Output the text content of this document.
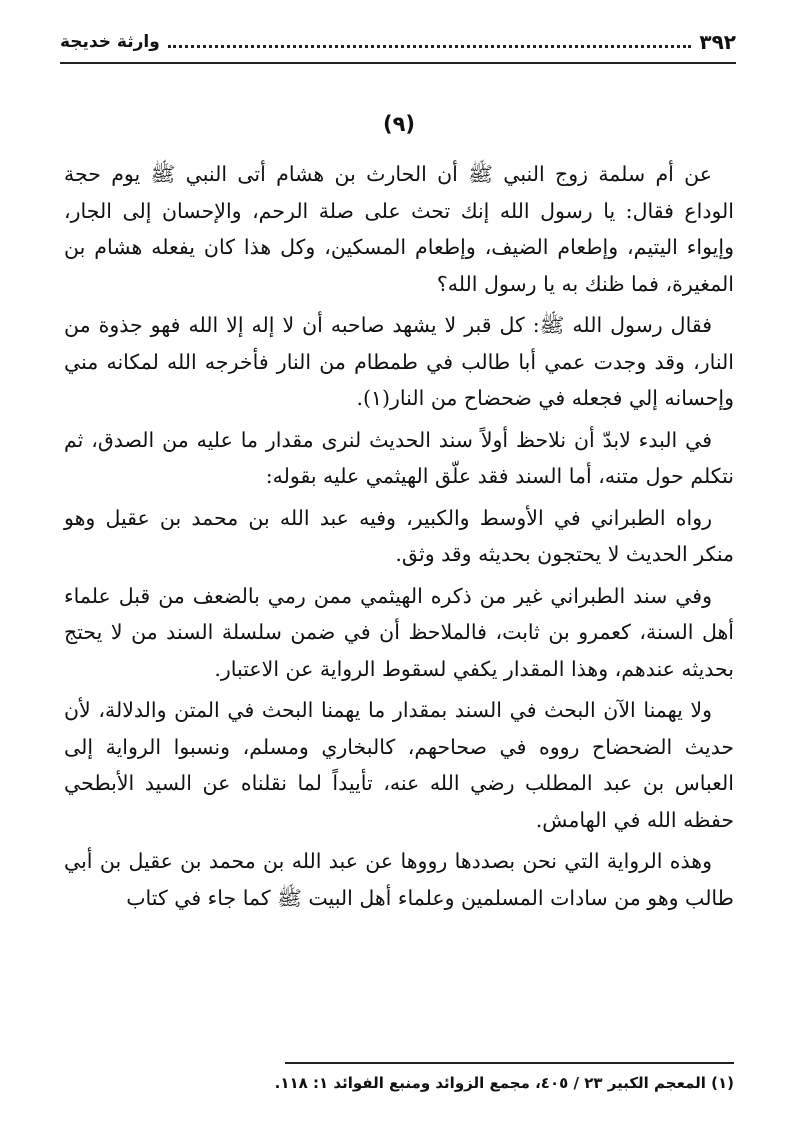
٣٩٢
وارثة خديجة
(٩)

عن أم سلمة زوج النبي ﷺ أن الحارث بن هشام أتى النبي ﷺ يوم حجة الوداع فقال: يا رسول الله إنك تحث على صلة الرحم، والإحسان إلى الجار، وإيواء اليتيم، وإطعام الضيف، وإطعام المسكين، وكل هذا كان يفعله هشام بن المغيرة، فما ظنك به يا رسول الله؟

فقال رسول الله ﷺ: كل قبر لا يشهد صاحبه أن لا إله إلا الله فهو جذوة من النار، وقد وجدت عمي أبا طالب في طمطام من النار فأخرجه الله لمكانه مني وإحسانه إلي فجعله في ضحضاح من النار(١).

في البدء لابدّ أن نلاحظ أولاً سند الحديث لنرى مقدار ما عليه من الصدق، ثم نتكلم حول متنه، أما السند فقد علّق الهيثمي عليه بقوله:

رواه الطبراني في الأوسط والكبير، وفيه عبد الله بن محمد بن عقيل وهو منكر الحديث لا يحتجون بحديثه وقد وثق.

وفي سند الطبراني غير من ذكره الهيثمي ممن رمي بالضعف من قبل علماء أهل السنة، كعمرو بن ثابت، فالملاحظ أن في ضمن سلسلة السند من لا يحتج بحديثه عندهم، وهذا المقدار يكفي لسقوط الرواية عن الاعتبار.

ولا يهمنا الآن البحث في السند بمقدار ما يهمنا البحث في المتن والدلالة، لأن حديث الضحضاح رووه في صحاحهم، كالبخاري ومسلم، ونسبوا الرواية إلى العباس بن عبد المطلب رضي الله عنه، تأييداً لما نقلناه عن السيد الأبطحي حفظه الله في الهامش.

وهذه الرواية التي نحن بصددها رووها عن عبد الله بن محمد بن عقيل بن أبي طالب وهو من سادات المسلمين وعلماء أهل البيت ﷺ كما جاء في كتاب

(١) المعجم الكبير ٢٣ / ٤٠٥، مجمع الزوائد ومنبع الفوائد ١: ١١٨.
